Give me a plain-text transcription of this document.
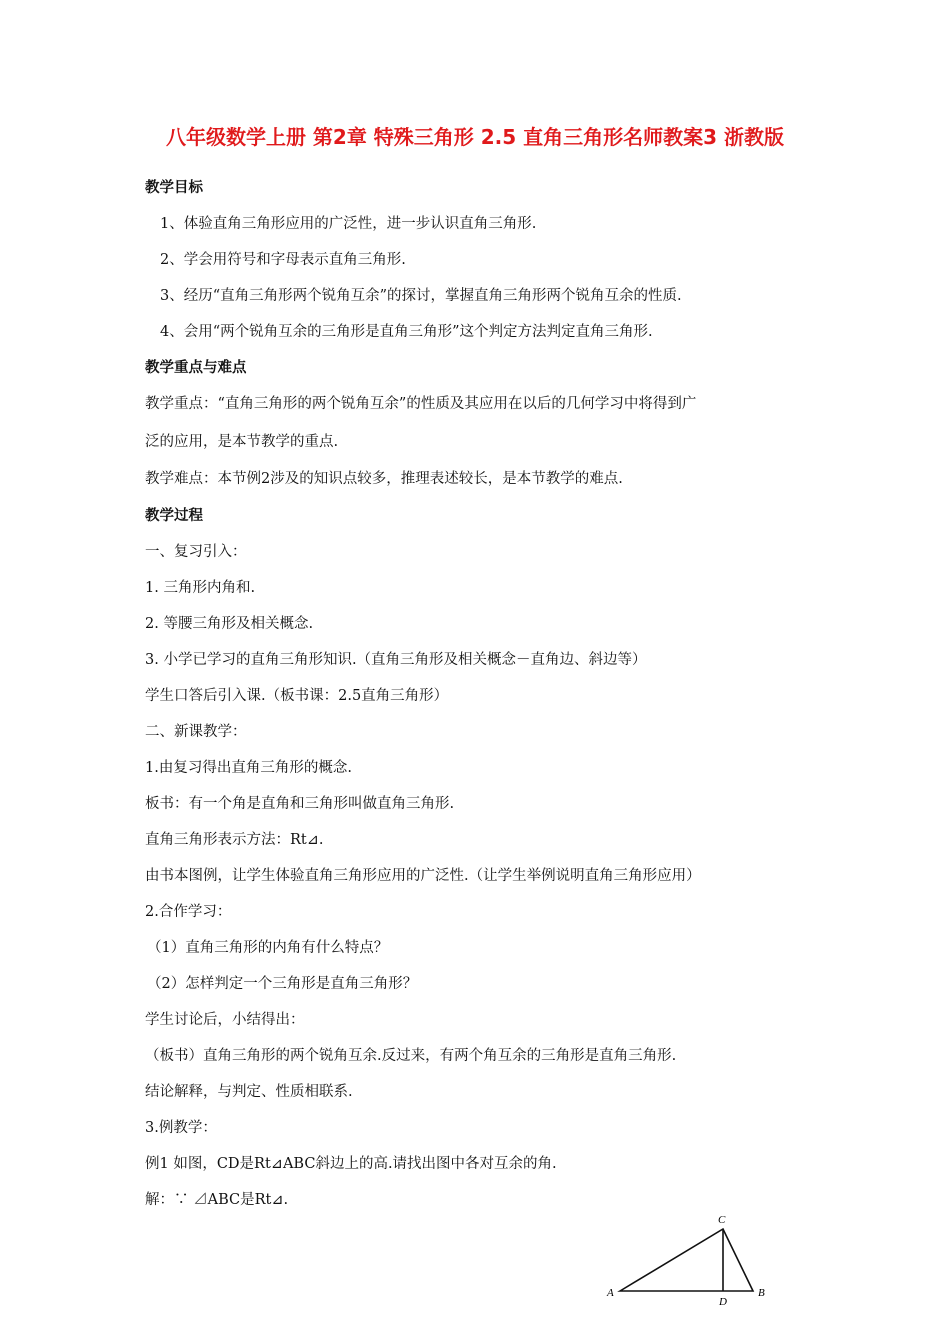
八年级数学上册 第2章 特殊三角形 2.5 直角三角形名师教案3 浙教版
教学目标
1、体验直角三角形应用的广泛性，进一步认识直角三角形.
2、学会用符号和字母表示直角三角形.
3、经历“直角三角形两个锐角互余”的探讨，掌握直角三角形两个锐角互余的性质.
4、会用“两个锐角互余的三角形是直角三角形”这个判定方法判定直角三角形.
教学重点与难点
教学重点：“直角三角形的两个锐角互余”的性质及其应用在以后的几何学习中将得到广
泛的应用，是本节教学的重点.
教学难点：本节例2涉及的知识点较多，推理表述较长，是本节教学的难点.
教学过程
一、复习引入：
1. 三角形内角和.
2. 等腰三角形及相关概念.
3. 小学已学习的直角三角形知识.（直角三角形及相关概念－直角边、斜边等）
学生口答后引入课.（板书课：2.5直角三角形）
二、新课教学：
1.由复习得出直角三角形的概念.
板书：有一个角是直角和三角形叫做直角三角形.
直角三角形表示方法：Rt⊿.
由书本图例，让学生体验直角三角形应用的广泛性.（让学生举例说明直角三角形应用）
2.合作学习：
（1）直角三角形的内角有什么特点？
（2）怎样判定一个三角形是直角三角形？
学生讨论后，小结得出：
（板书）直角三角形的两个锐角互余.反过来，有两个角互余的三角形是直角三角形.
结论解释，与判定、性质相联系.
3.例教学：
例1 如图，CD是Rt⊿ABC斜边上的高.请找出图中各对互余的角.
解：∵ ⊿ABC是Rt⊿.
A	B
C
D
